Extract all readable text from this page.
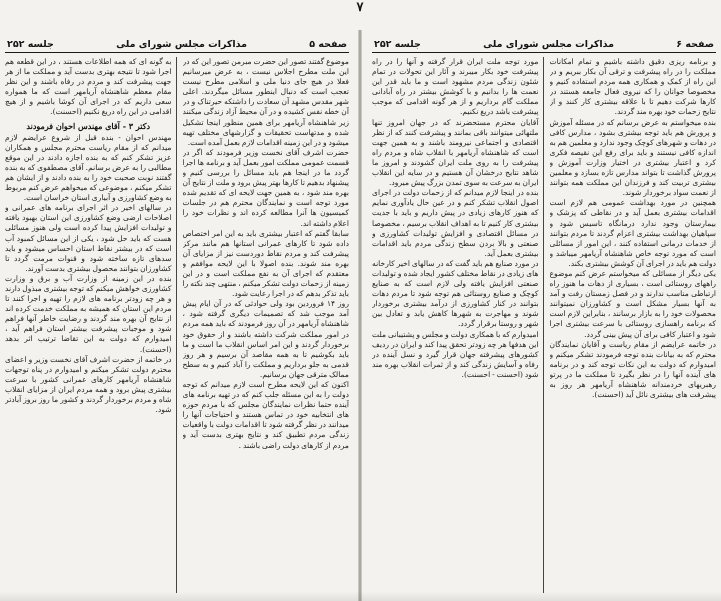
۷
صفحه ۵
مذاکرات مجلس شورای ملی
جلسه ۲۵۲

موضوع گفتند تصور این حضرت مبرمن تصور این که در این ملت مطرح اجلاس نیست ، به عرض میرسانیم فعلا در هیچ جای دنیا ملی و اسلامی مطرح نیست تعجب است که دنبال اینطور مسائل میگردند. اعلی شهر مقدس مشهد آن سعادت را داشتکه حیرتناک و در آن خطه نفس کشیده و در آن محیط آزاد زندگی میکنند زیر شاهنشاه آریامهر برای همین منظور اینجا تشکیل شده و مدتهاست تحقیقات و گزارشهای مختلف تهیه میشود و در این زمینه اقدامات لازم بعمل آمده است.

حضرت اشرف آقای نخست وزیر فرمودند که اگر در قسمت عمومی مملکت امور بعمل آید و برنامه ها اجرا گردد ما در اینجا هم باید مسائل را بررسی کنیم و پیشنهاد بدهیم تا کارها بهتر پیش برود و ملت از نتایج آن بهره مند شود ، به همین جهت لایحه ای که تقدیم شده مورد توجه است و نمایندگان محترم هم در جلسات کمیسیون ها آنرا مطالعه کرده اند و نظرات خود را اعلام داشته اند.

سابقا گفتم که اعتبار بیشتری باید به این امر اختصاص داده شود تا کارهای عمرانی استانها هم مانند مرکز پیشرفت کند و مردم نقاط دوردست نیز از مزایای آن بهره مند شوند. بنده اصولا با این لایحه موافقم و معتقدم که اجرای آن به نفع مملکت است و در این زمینه از زحمات دولت تشکر میکنم ، منتهی چند نکته را باید تذکر بدهم که در اجرا رعایت شود.

روز ۱۴ فروردین بود ولی حوادثی که در آن ایام پیش آمد موجب شد که تصمیمات دیگری گرفته شود ، شاهنشاه آریامهر در آن روز فرمودند که باید همه مردم در امور مملکت شرکت داشته باشند و از حقوق خود برخوردار گردند و این امر اساس انقلاب ما است و ما باید بکوشیم تا به همه مقاصد آن برسیم و هر روز قدمی به جلو برداریم و مملکت را آباد کنیم و به سطح ممالک مترقی جهان برسانیم.

اکنون که این لایحه مطرح است لازم میدانم که توجه دولت را به این مسئله جلب کنم که در تهیه برنامه های آینده حتما نظرات نمایندگان مجلس که با مردم حوزه های انتخابیه خود در تماس هستند و احتیاجات آنها را میدانند در نظر گرفته شود تا اقدامات دولت با واقعیات زندگی مردم تطبیق کند و نتایج بهتری بدست آید و مردم از کارهای دولت راضی باشند .

به گونه ای که همه اطلاعات هستند ، در این قطعه هم اجرا شود تا نتیجه بهتری بدست آید و مملکت ما از هر جهت پیشرفت کند و مردم در رفاه باشند و این نظر مقام معظم شاهنشاه آریامهر است که ما همواره سعی داریم که در اجرای آن کوشا باشیم و از هیچ اقدامی در این راه دریغ نکنیم (احسنت).

دکتر ۳ - آقای مهندس احوان فرمودند

مهندس احوان - بنده قبل از شروع عرایضم لازم میدانم که از مقام ریاست محترم مجلس و همکاران عزیز تشکر کنم که به بنده اجازه دادند در این موقع مطالبی را به عرض برسانم. آقای مصطفوی که به بنده گفتند نوبت صحبت خود را به بنده دادند و از ایشان هم تشکر میکنم ، موضوعی که میخواهم عرض کنم مربوط به وضع کشاورزی و آبیاری استان خراسان است.

در سالهای اخیر در اثر اجرای برنامه های عمرانی و اصلاحات ارضی وضع کشاورزی این استان بهبود یافته و تولیدات افزایش پیدا کرده است ولی هنوز مسائلی هست که باید حل شود ، یکی از این مسائل کمبود آب است که در بیشتر نقاط استان احساس میشود و باید سدهای تازه ساخته شود و قنوات مرمت گردد تا کشاورزان بتوانند محصول بیشتری بدست آورند.

بنده در این زمینه از وزارت آب و برق و وزارت کشاورزی خواهش میکنم که توجه بیشتری مبذول دارند و هر چه زودتر برنامه های لازم را تهیه و اجرا کنند تا مردم این استان که همیشه به مملکت خدمت کرده اند از نتایج آن بهره مند گردند و رضایت خاطر آنها فراهم شود و موجبات پیشرفت بیشتر استان فراهم آید ، امیدوارم که دولت به این تقاضا ترتیب اثر بدهد (احسنت).

در خاتمه از حضرت اشرف آقای نخست وزیر و اعضای محترم دولت تشکر میکنم و امیدوارم در پناه توجهات شاهنشاه آریامهر کارهای عمرانی کشور با سرعت بیشتری پیش برود و همه مردم ایران از مزایای انقلاب شاه و مردم برخوردار گردند و کشور ما روز بروز آبادتر شود.

صفحه ۶
مذاکرات مجلس شورای ملی
جلسه ۲۵۲

و برنامه ریزی دقیق داشته باشیم و تمام امکانات مملکت را در راه پیشرفت و ترقی آن بکار ببریم و در این راه از کمک و همکاری همه مردم استفاده کنیم و مخصوصا جوانان را که نیروی فعال جامعه هستند در کارها شرکت دهیم تا با علاقه بیشتری کار کنند و از نتایج زحمات خود بهره مند گردند.

بنده میخواستم به عرض برسانم که در مسئله آموزش و پرورش هم باید توجه بیشتری بشود ، مدارس کافی در دهات و شهرهای کوچک وجود ندارد و معلمین هم به اندازه کافی نیستند و باید برای رفع این نقیصه فکری کرد و اعتبار بیشتری در اختیار وزارت آموزش و پرورش گذاشت تا بتواند مدارس تازه بسازد و معلمین بیشتری تربیت کند و فرزندان این مملکت همه بتوانند از نعمت سواد برخوردار شوند.

همچنین در مورد بهداشت عمومی هم لازم است اقدامات بیشتری بعمل آید و در نقاطی که پزشک و بیمارستان وجود ندارد درمانگاه تاسیس شود و سپاهیان بهداشت بیشتری اعزام گردند تا مردم بتوانند از خدمات درمانی استفاده کنند ، این امور از مسائلی است که مورد توجه خاص شاهنشاه آریامهر میباشد و دولت هم باید در اجرای آن کوشش بیشتری بکند.

یکی دیگر از مسائلی که میخواستم عرض کنم موضوع راههای روستائی است ، بسیاری از دهات ما هنوز راه ارتباطی مناسب ندارند و در فصل زمستان رفت و آمد به آنها بسیار مشکل است و کشاورزان نمیتوانند محصولات خود را به بازار برسانند ، بنابراین لازم است که برنامه راهسازی روستائی با سرعت بیشتری اجرا شود و اعتبار کافی برای آن پیش بینی گردد.

در خاتمه عرایضم از مقام ریاست و آقایان نمایندگان محترم که به بیانات بنده توجه فرمودند تشکر میکنم و امیدوارم که دولت به این نکات توجه کند و در برنامه های آینده آنها را در نظر بگیرد تا مملکت ما در پرتو رهبریهای خردمندانه شاهنشاه آریامهر هر روز به پیشرفت های بیشتری نائل آید (احسنت).

مورد توجه ملت ایران قرار گرفته و آنها را در راه پیشرفت خود بکار میبرند و آثار این تحولات در تمام شئون زندگی مردم مشهود است و ما باید قدر این نعمت ها را بدانیم و با کوشش بیشتر در راه آبادانی مملکت گام برداریم و از هر گونه اقدامی که موجب پیشرفت باشد دریغ نکنیم.

آقایان محترم مستحضرند که در جهان امروز تنها ملتهائی میتوانند باقی بمانند و پیشرفت کنند که از نظر اقتصادی و اجتماعی نیرومند باشند و به همین جهت است که شاهنشاه آریامهر با انقلاب شاه و مردم راه پیشرفت را به روی ملت ایران گشودند و امروز ما شاهد نتایج درخشان آن هستیم و در سایه این انقلاب ایران به سرعت به سوی تمدن بزرگ پیش میرود.

بنده در اینجا لازم میدانم که از زحمات دولت در اجرای اصول انقلاب تشکر کنم و در عین حال یادآوری نمایم که هنوز کارهای زیادی در پیش داریم و باید با جدیت بیشتری کار کنیم تا به اهداف انقلاب برسیم ، مخصوصا در مسائل اقتصادی و افزایش تولیدات کشاورزی و صنعتی و بالا بردن سطح زندگی مردم باید اقدامات بیشتری بعمل آید.

در مورد صنایع هم باید گفت که در سالهای اخیر کارخانه های زیادی در نقاط مختلف کشور ایجاد شده و تولیدات صنعتی افزایش یافته ولی لازم است که به صنایع کوچک و صنایع روستائی هم توجه شود تا مردم دهات بتوانند در کنار کشاورزی از درآمد بیشتری برخوردار شوند و مهاجرت به شهرها کاهش یابد و تعادل بین شهر و روستا برقرار گردد.

امیدوارم که با همکاری دولت و مجلس و پشتیبانی ملت این هدفها هر چه زودتر تحقق پیدا کند و ایران در ردیف کشورهای پیشرفته جهان قرار گیرد و نسل آینده در رفاه و آسایش زندگی کند و از ثمرات انقلاب بهره مند شود (احسنت - احسنت).
